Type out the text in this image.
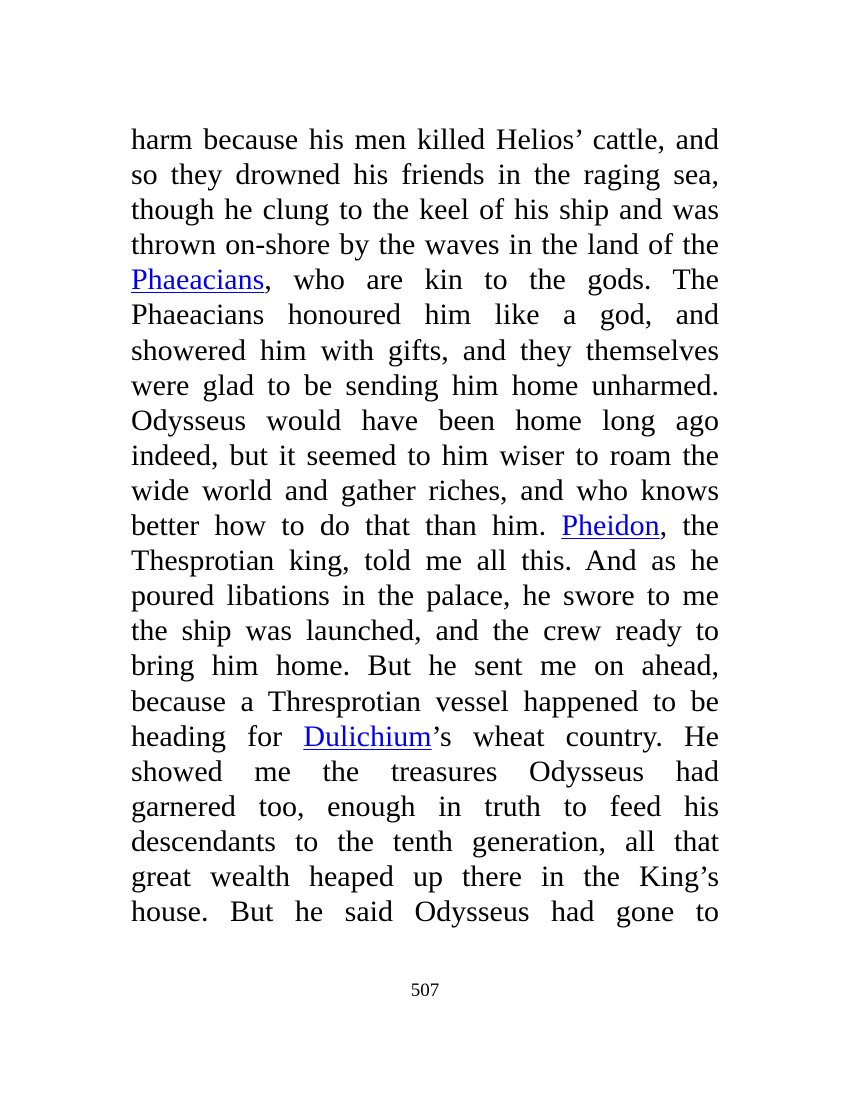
harm because his men killed Helios’ cattle, and
so they drowned his friends in the raging sea,
though he clung to the keel of his ship and was
thrown on-shore by the waves in the land of the
Phaeacians, who are kin to the gods. The
Phaeacians honoured him like a god, and
showered him with gifts, and they themselves
were glad to be sending him home unharmed.
Odysseus would have been home long ago
indeed, but it seemed to him wiser to roam the
wide world and gather riches, and who knows
better how to do that than him. Pheidon, the
Thesprotian king, told me all this. And as he
poured libations in the palace, he swore to me
the ship was launched, and the crew ready to
bring him home. But he sent me on ahead,
because a Thresprotian vessel happened to be
heading for Dulichium’s wheat country. He
showed me the treasures Odysseus had
garnered too, enough in truth to feed his
descendants to the tenth generation, all that
great wealth heaped up there in the King’s
house. But he said Odysseus had gone to
507
